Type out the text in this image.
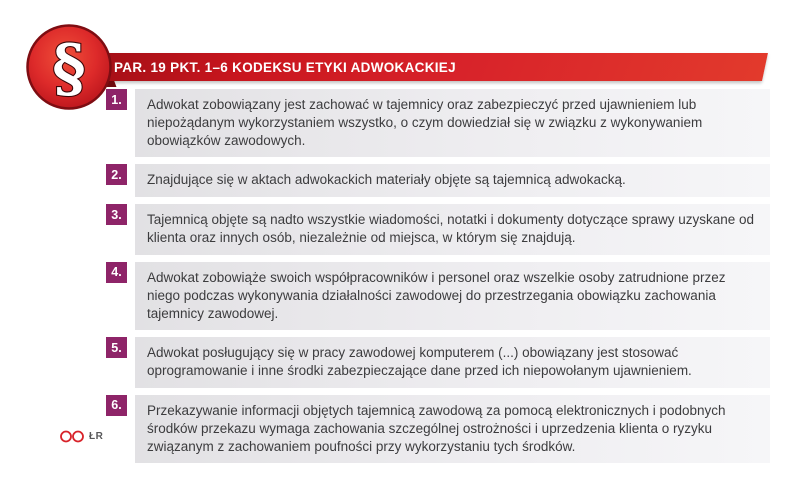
PAR. 19 PKT. 1–6 KODEKSU ETYKI ADWOKACKIEJ
§	1.	Adwokat zobowiązany jest zachować w tajemnicy oraz zabezpieczyć przed ujawnieniem lub niepożądanym wykorzystaniem wszystko, o czym dowiedział się w związku z wykonywaniem obowiązków zawodowych.
2.	Znajdujące się w aktach adwokackich materiały objęte są tajemnicą adwokacką.
3.	Tajemnicą objęte są nadto wszystkie wiadomości, notatki i dokumenty dotyczące sprawy uzyskane od klienta oraz innych osób, niezależnie od miejsca, w którym się znajdują.
4.	Adwokat zobowiąże swoich współpracowników i personel oraz wszelkie osoby zatrudnione przez niego podczas wykonywania działalności zawodowej do przestrzegania obowiązku zachowania tajemnicy zawodowej.
5.	Adwokat posługujący się w pracy zawodowej komputerem (...) obowiązany jest stosować oprogramowanie i inne środki zabezpieczające dane przed ich niepowołanym ujawnieniem.
6.	Przekazywanie informacji objętych tajemnicą zawodową za pomocą elektronicznych i podobnych środków przekazu wymaga zachowania szczególnej ostrożności i uprzedzenia klienta o ryzyku związanym z zachowaniem poufności przy wykorzystaniu tych środków.
ŁR
